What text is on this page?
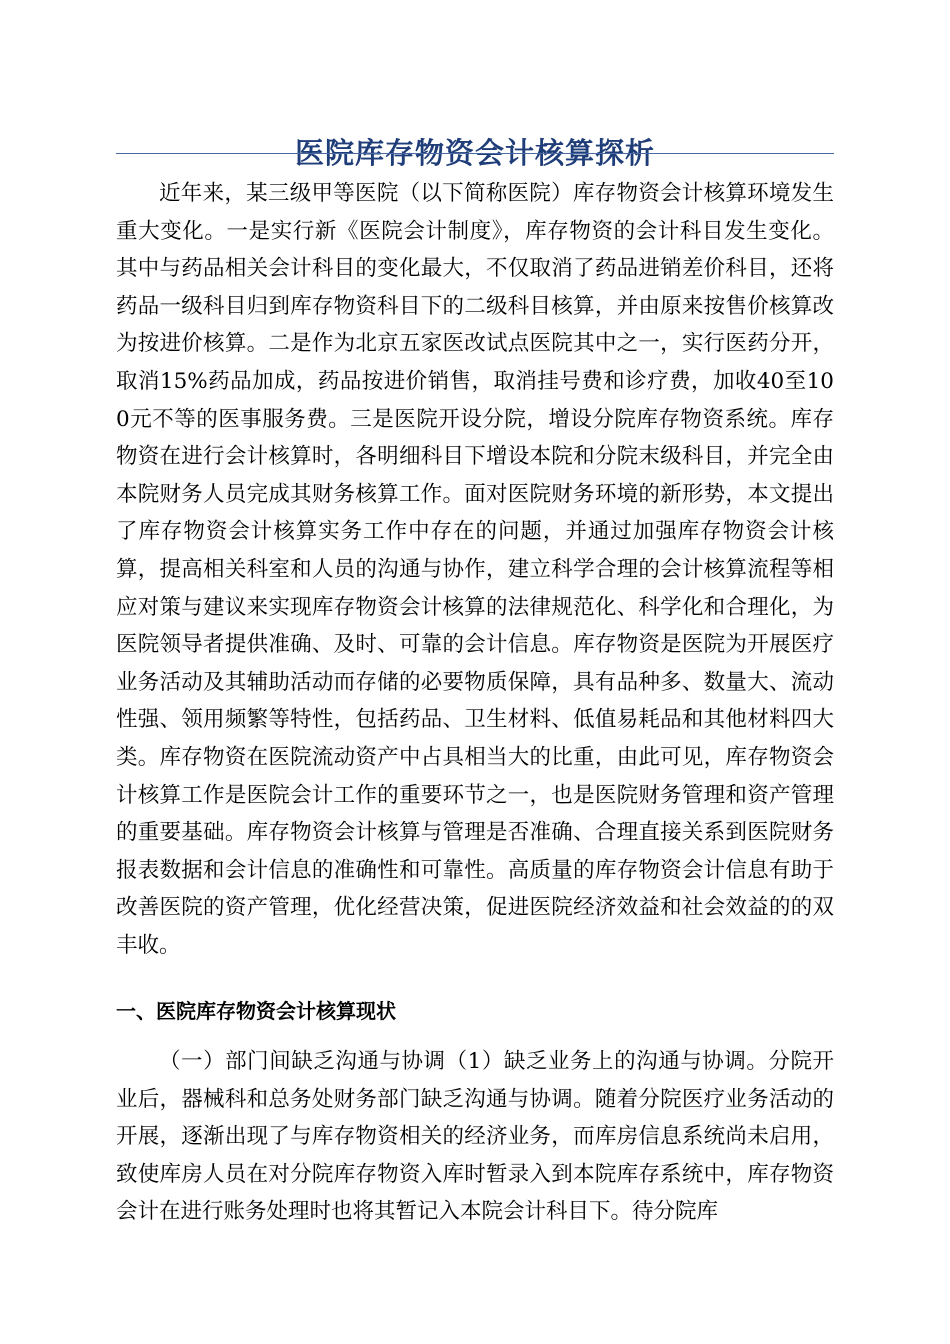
医院库存物资会计核算探析

近年来，某三级甲等医院（以下简称医院）库存物资会计核算环境发生重大变化。一是实行新《医院会计制度》，库存物资的会计科目发生变化。其中与药品相关会计科目的变化最大，不仅取消了药品进销差价科目，还将药品一级科目归到库存物资科目下的二级科目核算，并由原来按售价核算改为按进价核算。二是作为北京五家医改试点医院其中之一，实行医药分开，取消15%药品加成，药品按进价销售，取消挂号费和诊疗费，加收40至100元不等的医事服务费。三是医院开设分院，增设分院库存物资系统。库存物资在进行会计核算时，各明细科目下增设本院和分院末级科目，并完全由本院财务人员完成其财务核算工作。面对医院财务环境的新形势，本文提出了库存物资会计核算实务工作中存在的问题，并通过加强库存物资会计核算，提高相关科室和人员的沟通与协作，建立科学合理的会计核算流程等相应对策与建议来实现库存物资会计核算的法律规范化、科学化和合理化，为医院领导者提供准确、及时、可靠的会计信息。库存物资是医院为开展医疗业务活动及其辅助活动而存储的必要物质保障，具有品种多、数量大、流动性强、领用频繁等特性，包括药品、卫生材料、低值易耗品和其他材料四大类。库存物资在医院流动资产中占具相当大的比重，由此可见，库存物资会计核算工作是医院会计工作的重要环节之一，也是医院财务管理和资产管理的重要基础。库存物资会计核算与管理是否准确、合理直接关系到医院财务报表数据和会计信息的准确性和可靠性。高质量的库存物资会计信息有助于改善医院的资产管理，优化经营决策，促进医院经济效益和社会效益的的双丰收。

一、医院库存物资会计核算现状

（一）部门间缺乏沟通与协调（1）缺乏业务上的沟通与协调。分院开业后，器械科和总务处财务部门缺乏沟通与协调。随着分院医疗业务活动的开展，逐渐出现了与库存物资相关的经济业务，而库房信息系统尚未启用，致使库房人员在对分院库存物资入库时暂录入到本院库存系统中，库存物资会计在进行账务处理时也将其暂记入本院会计科目下。待分院库
